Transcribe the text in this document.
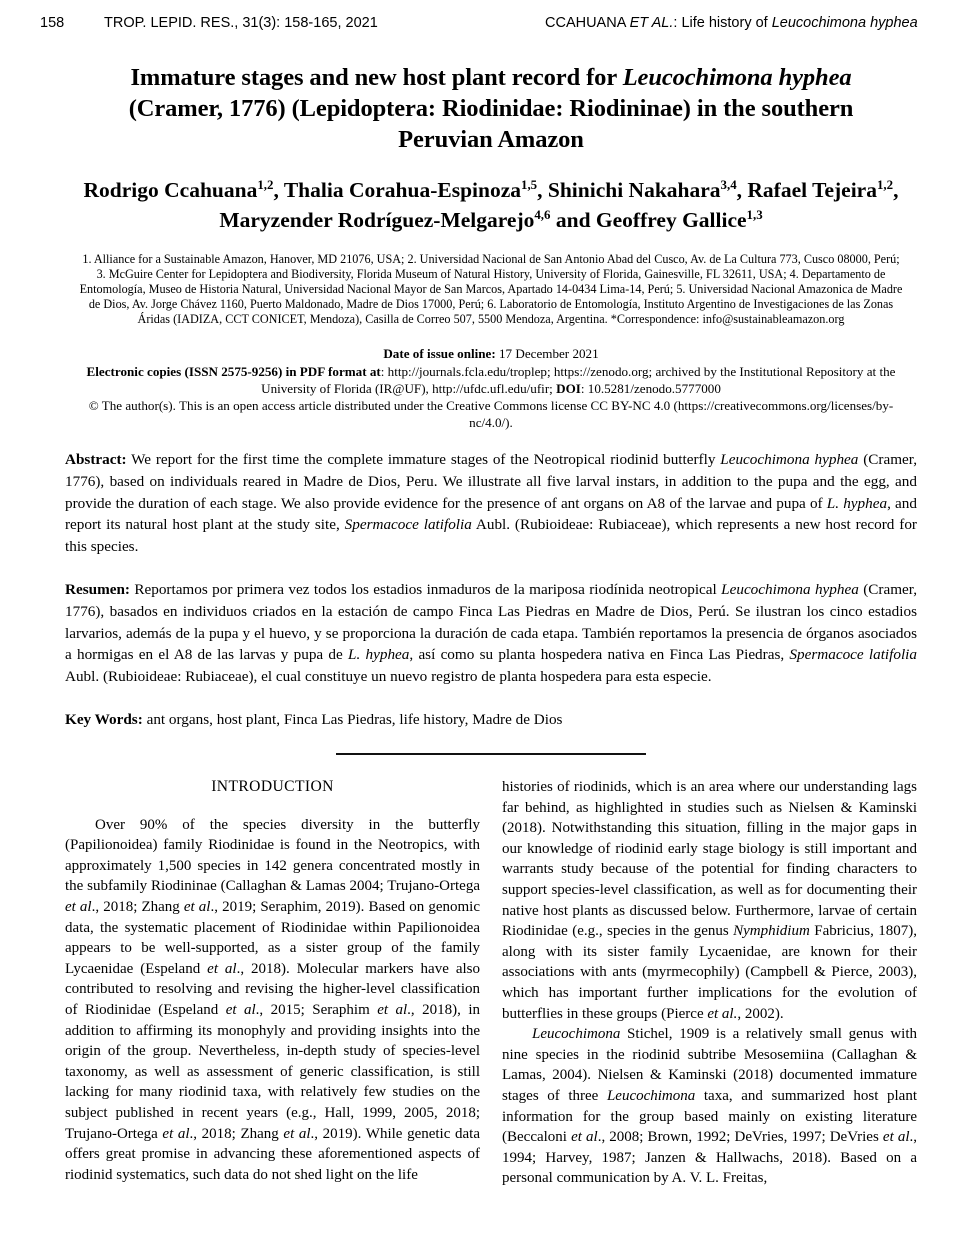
158	TROP. LEPID. RES., 31(3): 158-165, 2021	CCAHUANA ET AL.: Life history of Leucochimona hyphea
Immature stages and new host plant record for Leucochimona hyphea
(Cramer, 1776) (Lepidoptera: Riodinidae: Riodininae) in the southern
Peruvian Amazon
Rodrigo Ccahuana$^{1,2}$, Thalia Corahua-Espinoza$^{1,5}$, Shinichi Nakahara$^{3,4}$, Rafael Tejeira$^{1,2}$, Maryzender Rodríguez-Melgarejo$^{4,6}$ and Geoffrey Gallice$^{1,3}$
1. Alliance for a Sustainable Amazon, Hanover, MD 21076, USA; 2. Universidad Nacional de San Antonio Abad del Cusco, Av. de La Cultura 773, Cusco 08000, Perú; 3. McGuire Center for Lepidoptera and Biodiversity, Florida Museum of Natural History, University of Florida, Gainesville, FL 32611, USA; 4. Departamento de Entomología, Museo de Historia Natural, Universidad Nacional Mayor de San Marcos, Apartado 14-0434 Lima-14, Perú; 5. Universidad Nacional Amazonica de Madre de Dios, Av. Jorge Chávez 1160, Puerto Maldonado, Madre de Dios 17000, Perú; 6. Laboratorio de Entomología, Instituto Argentino de Investigaciones de las Zonas Áridas (IADIZA, CCT CONICET, Mendoza), Casilla de Correo 507, 5500 Mendoza, Argentina. *Correspondence: info@sustainableamazon.org
Date of issue online: 17 December 2021
Electronic copies (ISSN 2575-9256) in PDF format at: http://journals.fcla.edu/troplep; https://zenodo.org; archived by the Institutional Repository at the University of Florida (IR@UF), http://ufdc.ufl.edu/ufir; DOI: 10.5281/zenodo.5777000
© The author(s). This is an open access article distributed under the Creative Commons license CC BY-NC 4.0 (https://creativecommons.org/licenses/by-nc/4.0/).
Abstract: We report for the first time the complete immature stages of the Neotropical riodinid butterfly Leucochimona hyphea (Cramer, 1776), based on individuals reared in Madre de Dios, Peru. We illustrate all five larval instars, in addition to the pupa and the egg, and provide the duration of each stage. We also provide evidence for the presence of ant organs on A8 of the larvae and pupa of L. hyphea, and report its natural host plant at the study site, Spermacoce latifolia Aubl. (Rubioideae: Rubiaceae), which represents a new host record for this species.
Resumen: Reportamos por primera vez todos los estadios inmaduros de la mariposa riodínida neotropical Leucochimona hyphea (Cramer, 1776), basados en individuos criados en la estación de campo Finca Las Piedras en Madre de Dios, Perú. Se ilustran los cinco estadios larvarios, además de la pupa y el huevo, y se proporciona la duración de cada etapa. También reportamos la presencia de órganos asociados a hormigas en el A8 de las larvas y pupa de L. hyphea, así como su planta hospedera nativa en Finca Las Piedras, Spermacoce latifolia Aubl. (Rubioideae: Rubiaceae), el cual constituye un nuevo registro de planta hospedera para esta especie.
Key Words: ant organs, host plant, Finca Las Piedras, life history, Madre de Dios
INTRODUCTION

Over 90% of the species diversity in the butterfly (Papilionoidea) family Riodinidae is found in the Neotropics, with approximately 1,500 species in 142 genera concentrated mostly in the subfamily Riodininae (Callaghan & Lamas 2004; Trujano-Ortega et al., 2018; Zhang et al., 2019; Seraphim, 2019). Based on genomic data, the systematic placement of Riodinidae within Papilionoidea appears to be well-supported, as a sister group of the family Lycaenidae (Espeland et al., 2018). Molecular markers have also contributed to resolving and revising the higher-level classification of Riodinidae (Espeland et al., 2015; Seraphim et al., 2018), in addition to affirming its monophyly and providing insights into the origin of the group. Nevertheless, in-depth study of species-level taxonomy, as well as assessment of generic classification, is still lacking for many riodinid taxa, with relatively few studies on the subject published in recent years (e.g., Hall, 1999, 2005, 2018; Trujano-Ortega et al., 2018; Zhang et al., 2019). While genetic data offers great promise in advancing these aforementioned aspects of riodinid systematics, such data do not shed light on the life

histories of riodinids, which is an area where our understanding lags far behind, as highlighted in studies such as Nielsen & Kaminski (2018). Notwithstanding this situation, filling in the major gaps in our knowledge of riodinid early stage biology is still important and warrants study because of the potential for finding characters to support species-level classification, as well as for documenting their native host plants as discussed below. Furthermore, larvae of certain Riodinidae (e.g., species in the genus Nymphidium Fabricius, 1807), along with its sister family Lycaenidae, are known for their associations with ants (myrmecophily) (Campbell & Pierce, 2003), which has important further implications for the evolution of butterflies in these groups (Pierce et al., 2002).

Leucochimona Stichel, 1909 is a relatively small genus with nine species in the riodinid subtribe Mesosemiina (Callaghan & Lamas, 2004). Nielsen & Kaminski (2018) documented immature stages of three Leucochimona taxa, and summarized host plant information for the group based mainly on existing literature (Beccaloni et al., 2008; Brown, 1992; DeVries, 1997; DeVries et al., 1994; Harvey, 1987; Janzen & Hallwachs, 2018). Based on a personal communication by A. V. L. Freitas,
